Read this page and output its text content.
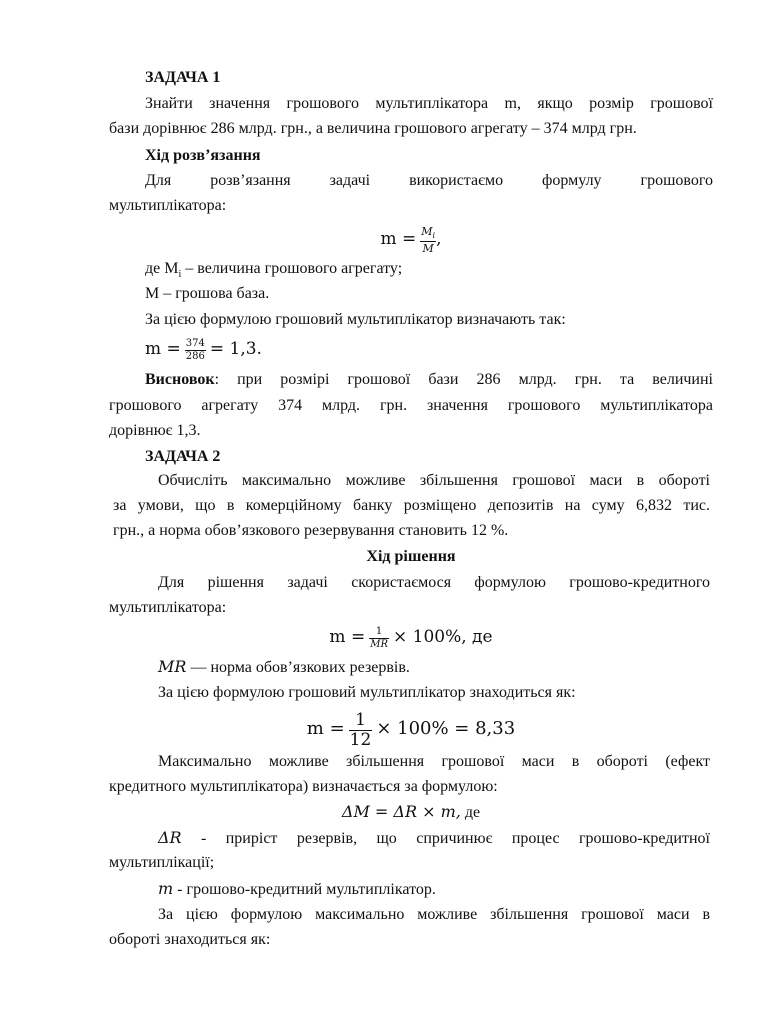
ЗАДАЧА 1
Знайти значення грошового мультиплікатора m, якщо розмір грошової
бази дорівнює 286 млрд. грн., а величина грошового агрегату – 374 млрд грн.
Хід розв’язання
Для розв’язання задачі використаємо формулу грошового
мультиплікатора:
$m = \frac{M_i}{M}$ ,
де $M_i$ – величина грошового агрегату;
M – грошова база.
За цією формулою грошовий мультиплікатор визначають так:
$m = \frac{374}{286} = 1,3$.
Висновок: при розмірі грошової бази 286 млрд. грн. та величині
грошового агрегату 374 млрд. грн. значення грошового мультиплікатора
дорівнює 1,3.
ЗАДАЧА 2
Обчисліть максимально можливе збільшення грошової маси в обороті
за умови, що в комерційному банку розміщено депозитів на суму 6,832 тис.
грн., а норма обов’язкового резервування становить 12 %.
Хід рішення
Для рішення задачі скористаємося формулою грошово-кредитного
мультиплікатора:
$m = \frac{1}{MR} \times 100\%$, де
MR — норма обов’язкових резервів.
За цією формулою грошовий мультиплікатор знаходиться як:
$m = \frac{1}{12} \times 100\% = 8,33$
Максимально можливе збільшення грошової маси в обороті (ефект
кредитного мультиплікатора) визначається за формулою:
ΔM = ΔR × m, де
ΔR - приріст резервів, що спричинює процес грошово-кредитної
мультиплікації;
m - грошово-кредитний мультиплікатор.
За цією формулою максимально можливе збільшення грошової маси в
обороті знаходиться як:
